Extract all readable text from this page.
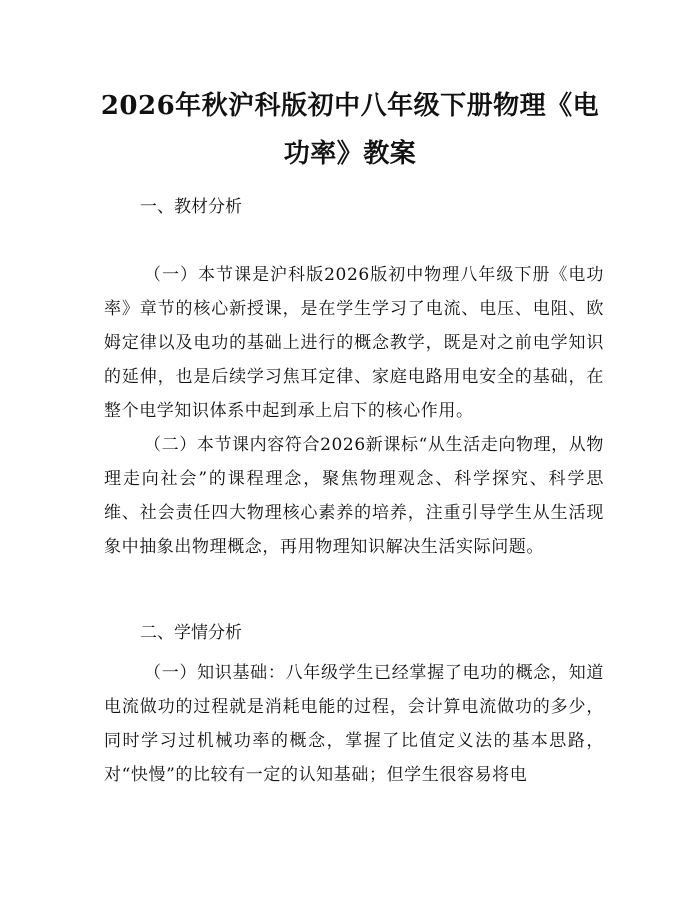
2026年秋沪科版初中八年级下册物理《电功率》教案

一、教材分析

（一）本节课是沪科版2026版初中物理八年级下册《电功率》章节的核心新授课，是在学生学习了电流、电压、电阻、欧姆定律以及电功的基础上进行的概念教学，既是对之前电学知识的延伸，也是后续学习焦耳定律、家庭电路用电安全的基础，在整个电学知识体系中起到承上启下的核心作用。

（二）本节课内容符合2026新课标“从生活走向物理，从物理走向社会”的课程理念，聚焦物理观念、科学探究、科学思维、社会责任四大物理核心素养的培养，注重引导学生从生活现象中抽象出物理概念，再用物理知识解决生活实际问题。

二、学情分析

（一）知识基础：八年级学生已经掌握了电功的概念，知道电流做功的过程就是消耗电能的过程，会计算电流做功的多少，同时学习过机械功率的概念，掌握了比值定义法的基本思路，对“快慢”的比较有一定的认知基础；但学生很容易将电
